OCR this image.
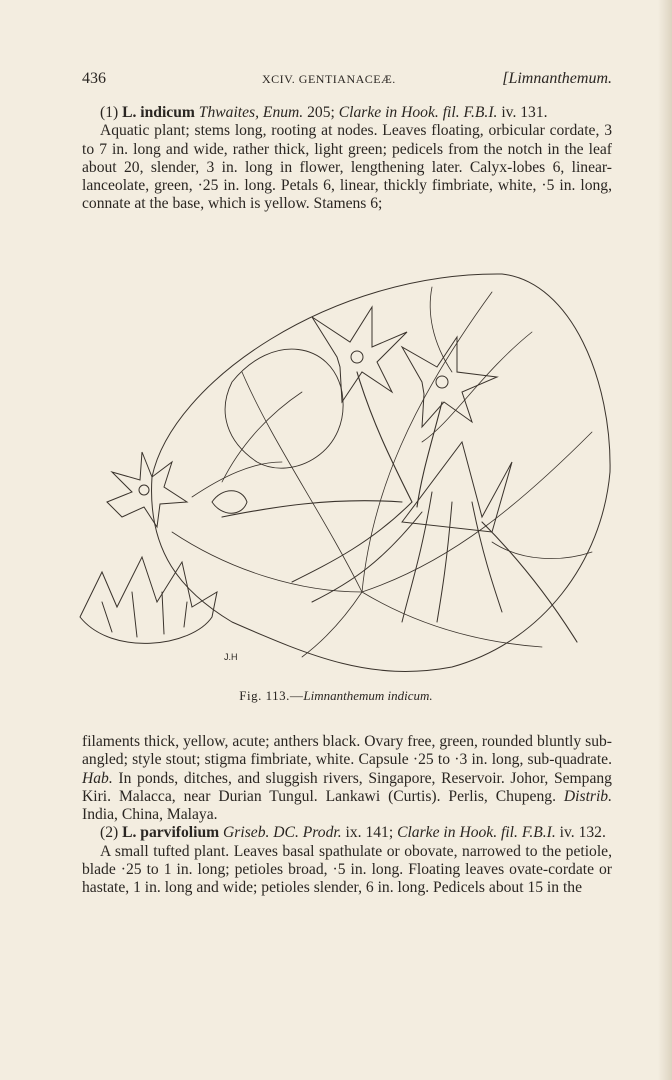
436	XCIV. GENTIANACEÆ.	[Limnanthemum.

(1) L. indicum Thwaites, Enum. 205; Clarke in Hook. fil. F.B.I. iv. 131.

Aquatic plant; stems long, rooting at nodes. Leaves floating, orbicular cordate, 3 to 7 in. long and wide, rather thick, light green; pedicels from the notch in the leaf about 20, slender, 3 in. long in flower, lengthening later. Calyx-lobes 6, linear-lanceolate, green, ·25 in. long. Petals 6, linear, thickly fimbriate, white, ·5 in. long, connate at the base, which is yellow. Stamens 6;

J.H
Fig. 113.—Limnanthemum indicum.

filaments thick, yellow, acute; anthers black. Ovary free, green, rounded bluntly sub-angled; style stout; stigma fimbriate, white. Capsule ·25 to ·3 in. long, sub-quadrate. Hab. In ponds, ditches, and sluggish rivers, Singapore, Reservoir. Johor, Sempang Kiri. Malacca, near Durian Tungul. Lankawi (Curtis). Perlis, Chupeng. Distrib. India, China, Malaya.

(2) L. parvifolium Griseb. DC. Prodr. ix. 141; Clarke in Hook. fil. F.B.I. iv. 132.

A small tufted plant. Leaves basal spathulate or obovate, narrowed to the petiole, blade ·25 to 1 in. long; petioles broad, ·5 in. long. Floating leaves ovate-cordate or hastate, 1 in. long and wide; petioles slender, 6 in. long. Pedicels about 15 in the
